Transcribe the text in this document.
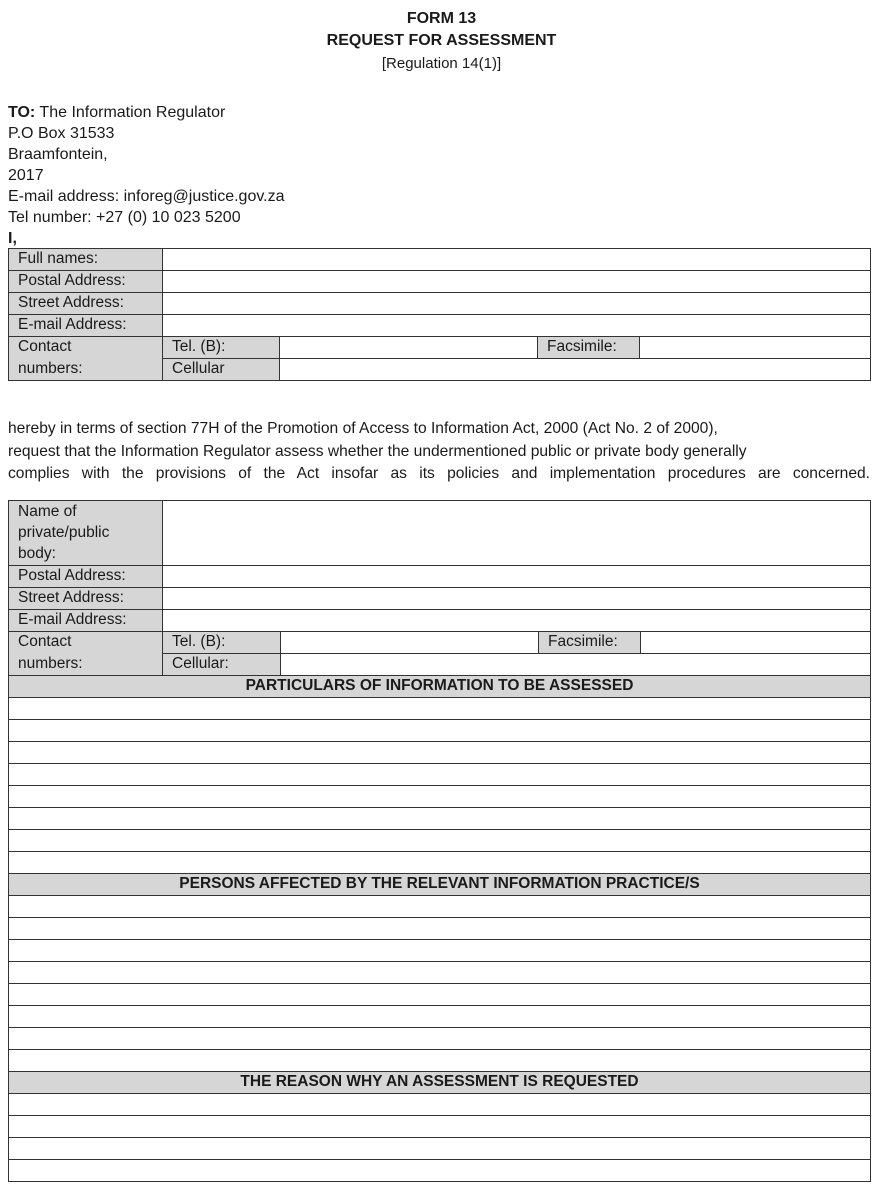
FORM 13
REQUEST FOR ASSESSMENT
[Regulation 14(1)]
TO: The Information Regulator
P.O Box 31533
Braamfontein,
2017
E-mail address: inforeg@justice.gov.za
Tel number: +27 (0) 10 023 5200
I,
Full names:				
Postal Address:				
Street Address:				
E-mail Address:				
Contact	Tel. (B):		Facsimile:	
numbers:	Cellular			
hereby in terms of section 77H of the Promotion of Access to Information Act, 2000 (Act No. 2 of 2000),
request that the Information Regulator assess whether the undermentioned public or private body generally
complies with the provisions of the Act insofar as its policies and implementation procedures are concerned.
Name of
private/public
body:				

Postal Address:				
Street Address:				
E-mail Address:				
Contact	Tel. (B):		Facsimile:	
numbers:	Cellular:			
PARTICULARS OF INFORMATION TO BE ASSESSED				

PERSONS AFFECTED BY THE RELEVANT INFORMATION PRACTICE/S				

THE REASON WHY AN ASSESSMENT IS REQUESTED				
